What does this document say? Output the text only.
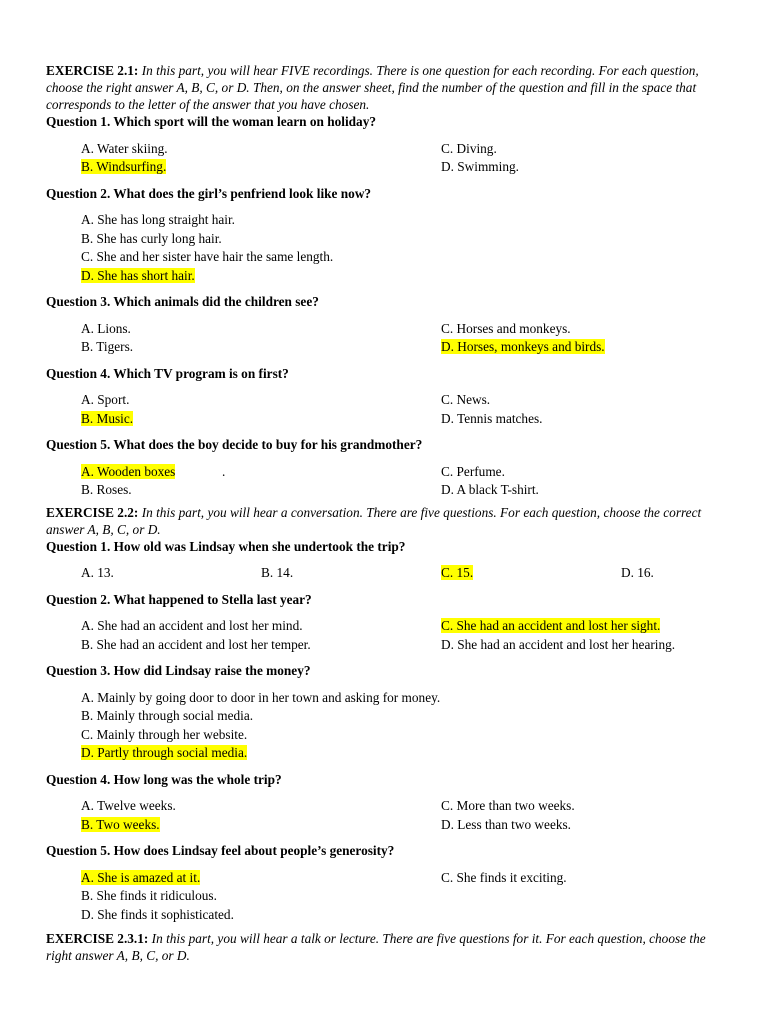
EXERCISE 2.1: In this part, you will hear FIVE recordings. There is one question for each recording. For each question, choose the right answer A, B, C, or D. Then, on the answer sheet, find the number of the question and fill in the space that corresponds to the letter of the answer that you have chosen.

Question 1. Which sport will the woman learn on holiday?

A. Water skiing.	C. Diving.
B. Windsurfing.	D. Swimming.

Question 2. What does the girl’s penfriend look like now?

A. She has long straight hair.
B. She has curly long hair.
C. She and her sister have hair the same length.
D. She has short hair.

Question 3. Which animals did the children see?

A. Lions.	C. Horses and monkeys.
B. Tigers.	D. Horses, monkeys and birds.

Question 4. Which TV program is on first?

A. Sport.	C. News.
B. Music.	D. Tennis matches.

Question 5. What does the boy decide to buy for his grandmother?

A. Wooden boxes	.	C. Perfume.
B. Roses.	D. A black T-shirt.

EXERCISE 2.2: In this part, you will hear a conversation. There are five questions. For each question, choose the correct answer A, B, C, or D.

Question 1. How old was Lindsay when she undertook the trip?

A. 13.	B. 14.	C. 15.	D. 16.

Question 2. What happened to Stella last year?

A. She had an accident and lost her mind.	C. She had an accident and lost her sight.
B. She had an accident and lost her temper.	D. She had an accident and lost her hearing.

Question 3. How did Lindsay raise the money?

A. Mainly by going door to door in her town and asking for money.
B. Mainly through social media.
C. Mainly through her website.
D. Partly through social media.

Question 4. How long was the whole trip?

A. Twelve weeks.	C. More than two weeks.
B. Two weeks.	D. Less than two weeks.

Question 5. How does Lindsay feel about people’s generosity?

A. She is amazed at it.	C. She finds it exciting.
B. She finds it ridiculous.
D. She finds it sophisticated.

EXERCISE 2.3.1: In this part, you will hear a talk or lecture. There are five questions for it. For each question, choose the right answer A, B, C, or D.
